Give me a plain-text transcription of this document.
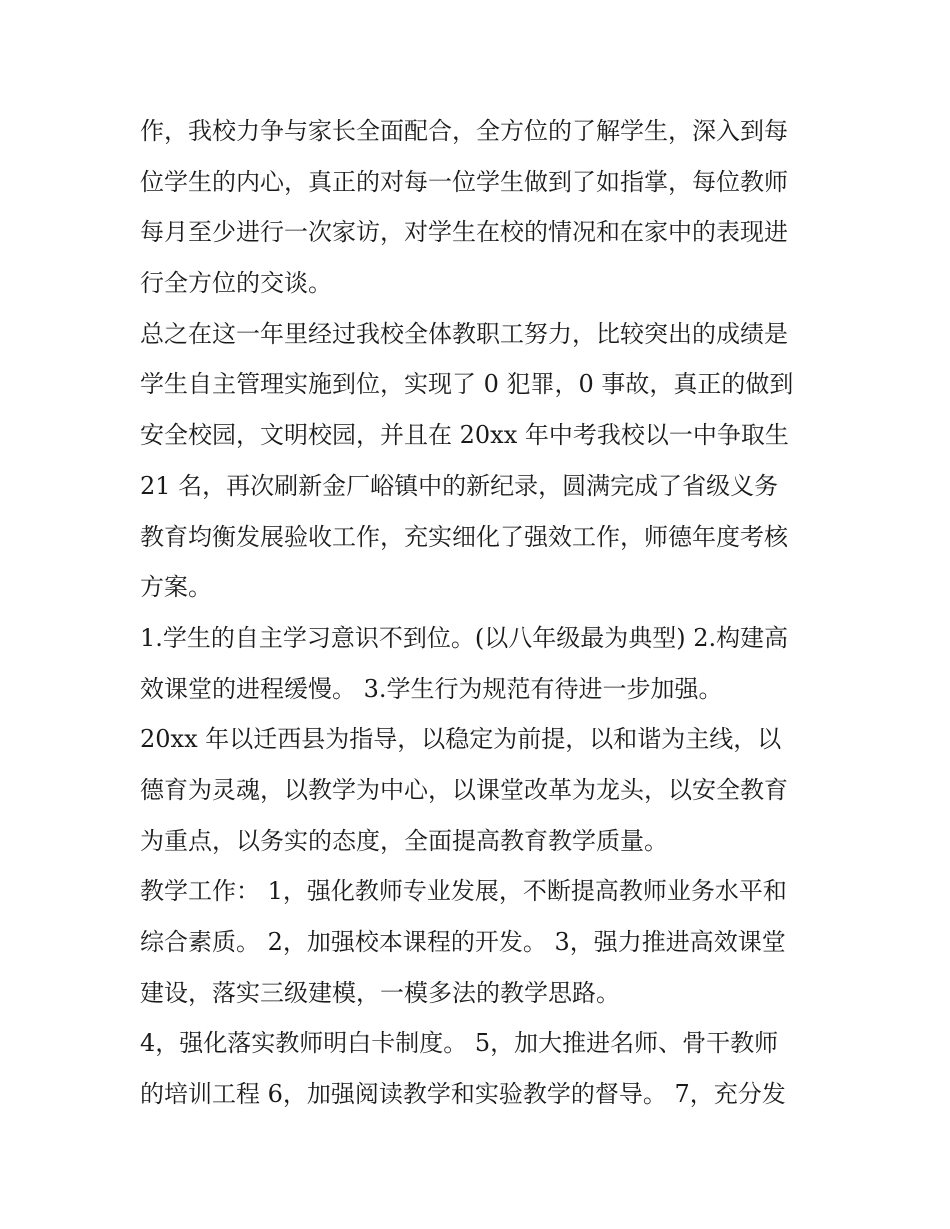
作，我校力争与家长全面配合，全方位的了解学生，深入到每
位学生的内心，真正的对每一位学生做到了如指掌，每位教师
每月至少进行一次家访，对学生在校的情况和在家中的表现进
行全方位的交谈。
总之在这一年里经过我校全体教职工努力，比较突出的成绩是
学生自主管理实施到位，实现了 0 犯罪，0 事故，真正的做到
安全校园，文明校园，并且在 20xx 年中考我校以一中争取生
21 名，再次刷新金厂峪镇中的新纪录，圆满完成了省级义务
教育均衡发展验收工作，充实细化了强效工作，师德年度考核
方案。
1.学生的自主学习意识不到位。(以八年级最为典型) 2.构建高
效课堂的进程缓慢。 3.学生行为规范有待进一步加强。
20xx 年以迁西县为指导，以稳定为前提，以和谐为主线，以
德育为灵魂，以教学为中心，以课堂改革为龙头，以安全教育
为重点，以务实的态度，全面提高教育教学质量。
教学工作： 1，强化教师专业发展，不断提高教师业务水平和
综合素质。 2，加强校本课程的开发。 3，强力推进高效课堂
建设，落实三级建模，一模多法的教学思路。
4，强化落实教师明白卡制度。 5，加大推进名师、骨干教师
的培训工程 6，加强阅读教学和实验教学的督导。 7，充分发
